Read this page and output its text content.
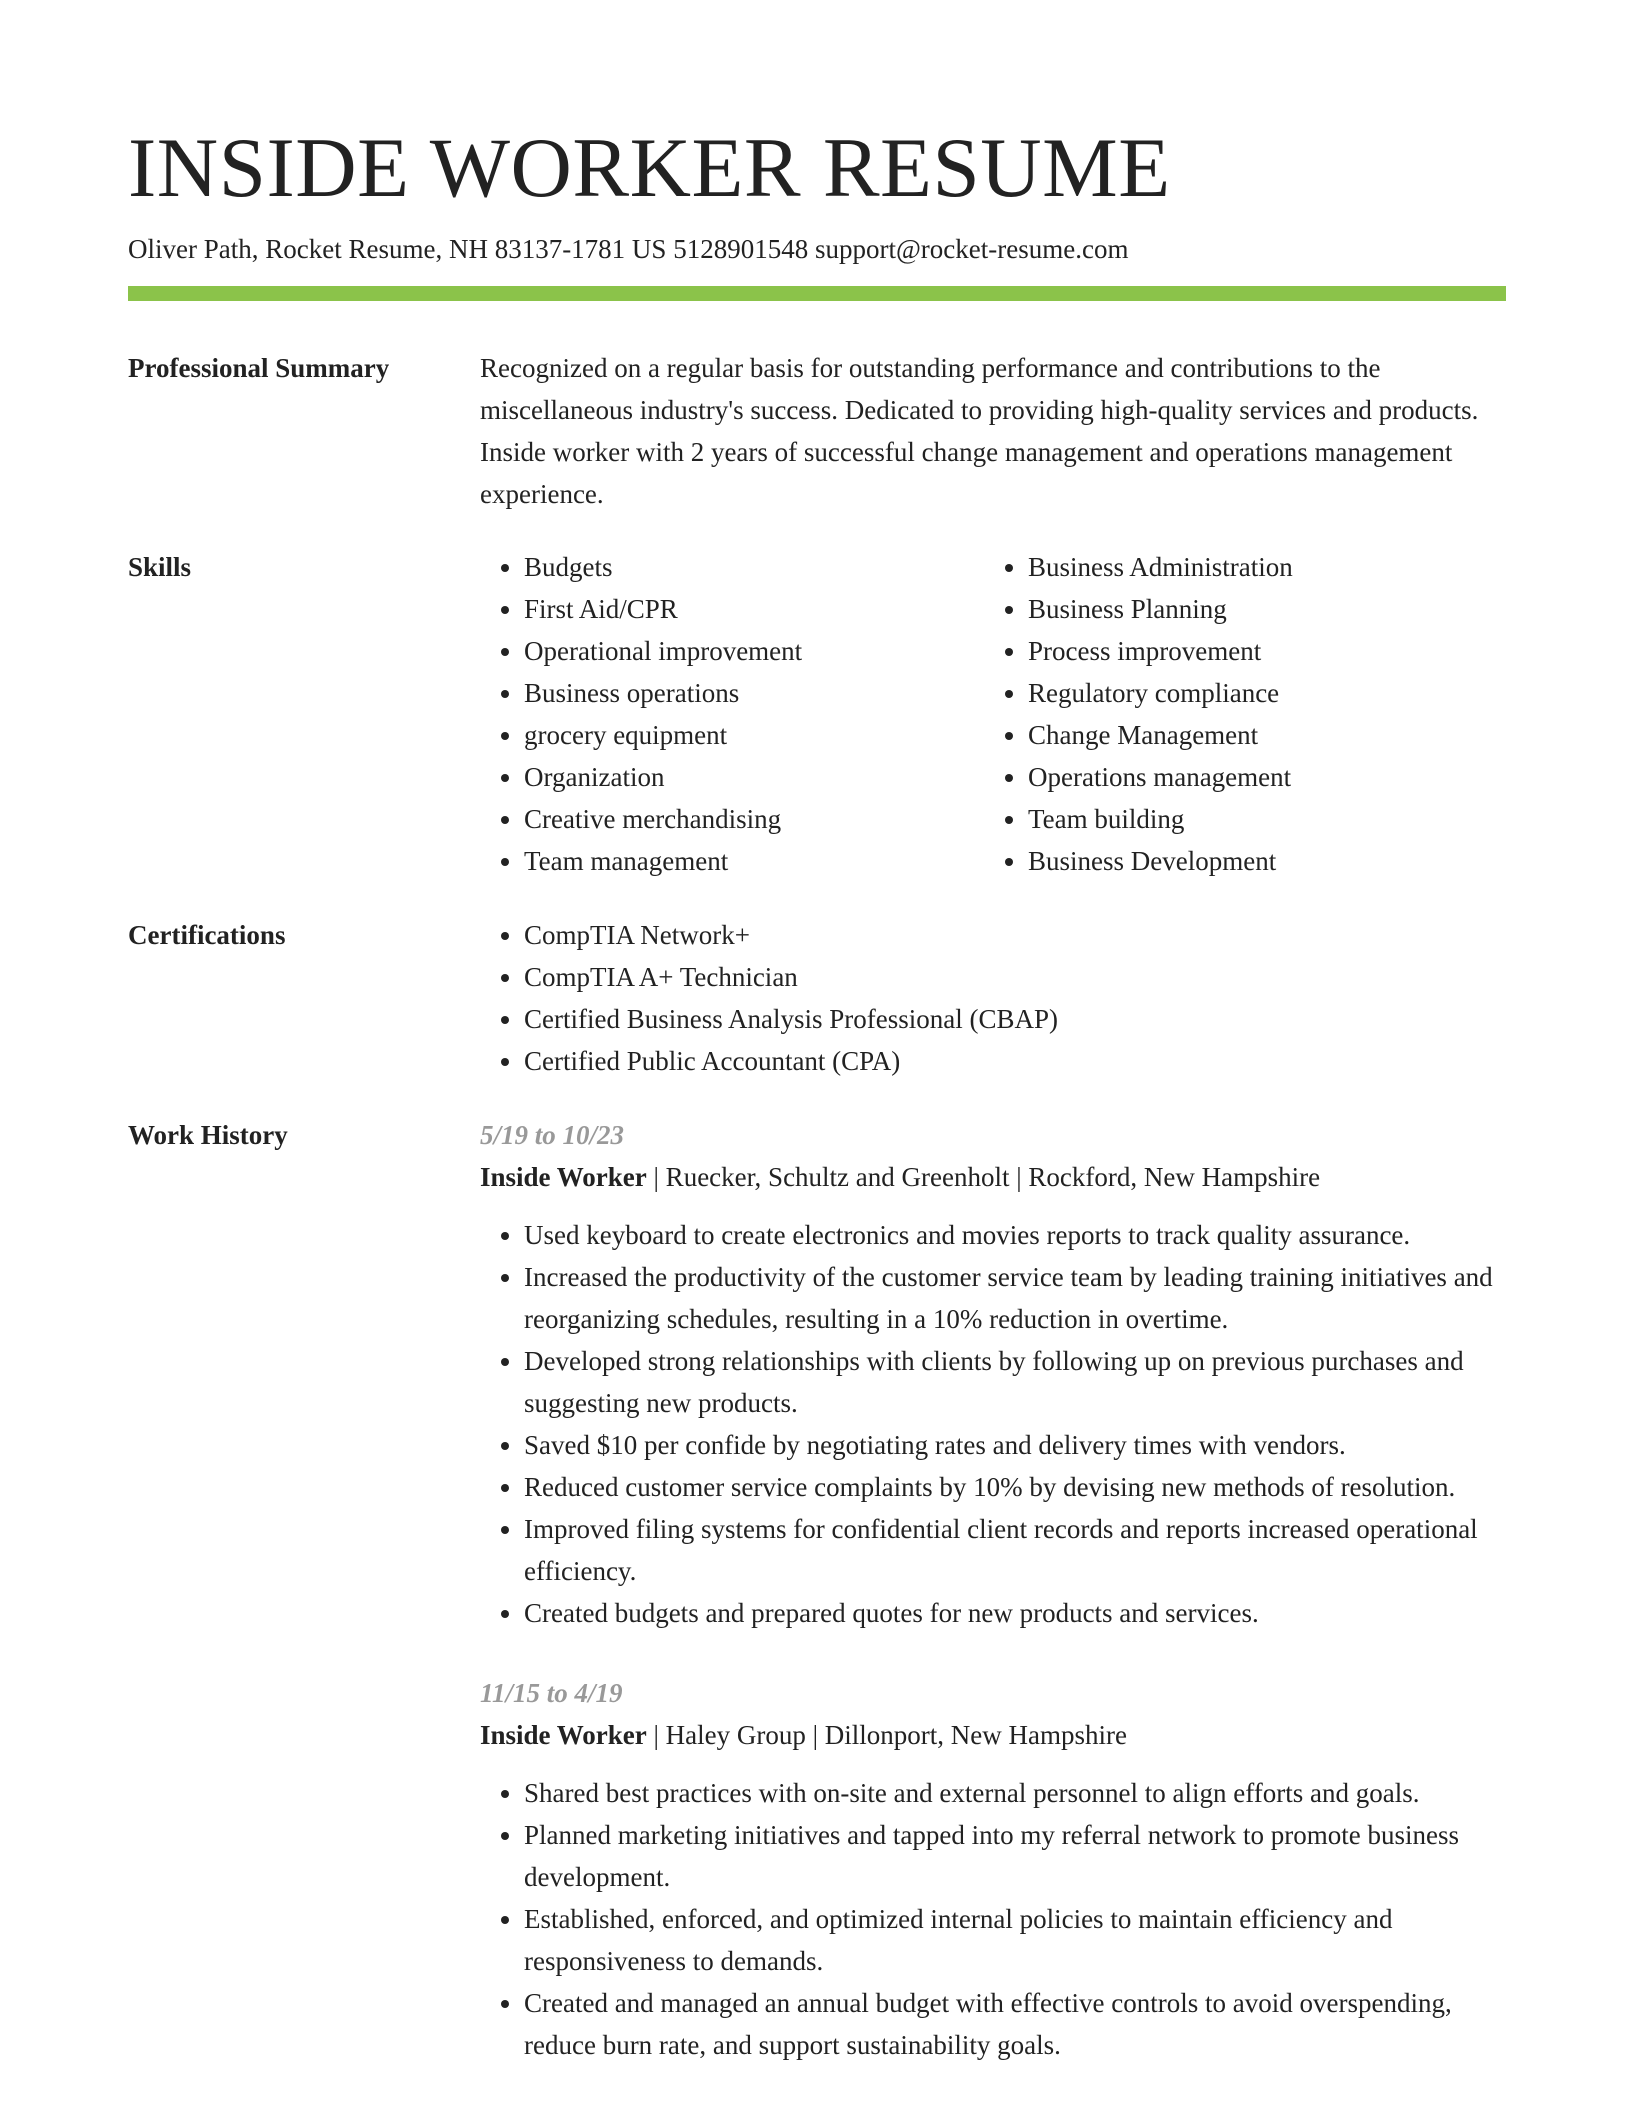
INSIDE WORKER RESUME
Oliver Path, Rocket Resume, NH 83137-1781 US 5128901548 support@rocket-resume.com
Professional Summary	Recognized on a regular basis for outstanding performance and contributions to the miscellaneous industry's success. Dedicated to providing high-quality services and products. Inside worker with 2 years of successful change management and operations management experience.

Skills	• Budgets
• First Aid/CPR
• Operational improvement
• Business operations
• grocery equipment
• Organization
• Creative merchandising
• Team management
• Business Administration
• Business Planning
• Process improvement
• Regulatory compliance
• Change Management
• Operations management
• Team building
• Business Development
Certifications	• CompTIA Network+
• CompTIA A+ Technician
• Certified Business Analysis Professional (CBAP)
• Certified Public Accountant (CPA)
Work History	5/19 to 10/23
Inside Worker | Ruecker, Schultz and Greenholt | Rockford, New Hampshire
• Used keyboard to create electronics and movies reports to track quality assurance.
• Increased the productivity of the customer service team by leading training initiatives and reorganizing schedules, resulting in a 10% reduction in overtime.
• Developed strong relationships with clients by following up on previous purchases and suggesting new products.
• Saved $10 per confide by negotiating rates and delivery times with vendors.
• Reduced customer service complaints by 10% by devising new methods of resolution.
• Improved filing systems for confidential client records and reports increased operational efficiency.
• Created budgets and prepared quotes for new products and services.
11/15 to 4/19
Inside Worker | Haley Group | Dillonport, New Hampshire
• Shared best practices with on-site and external personnel to align efforts and goals.
• Planned marketing initiatives and tapped into my referral network to promote business development.
• Established, enforced, and optimized internal policies to maintain efficiency and responsiveness to demands.
• Created and managed an annual budget with effective controls to avoid overspending, reduce burn rate, and support sustainability goals.
